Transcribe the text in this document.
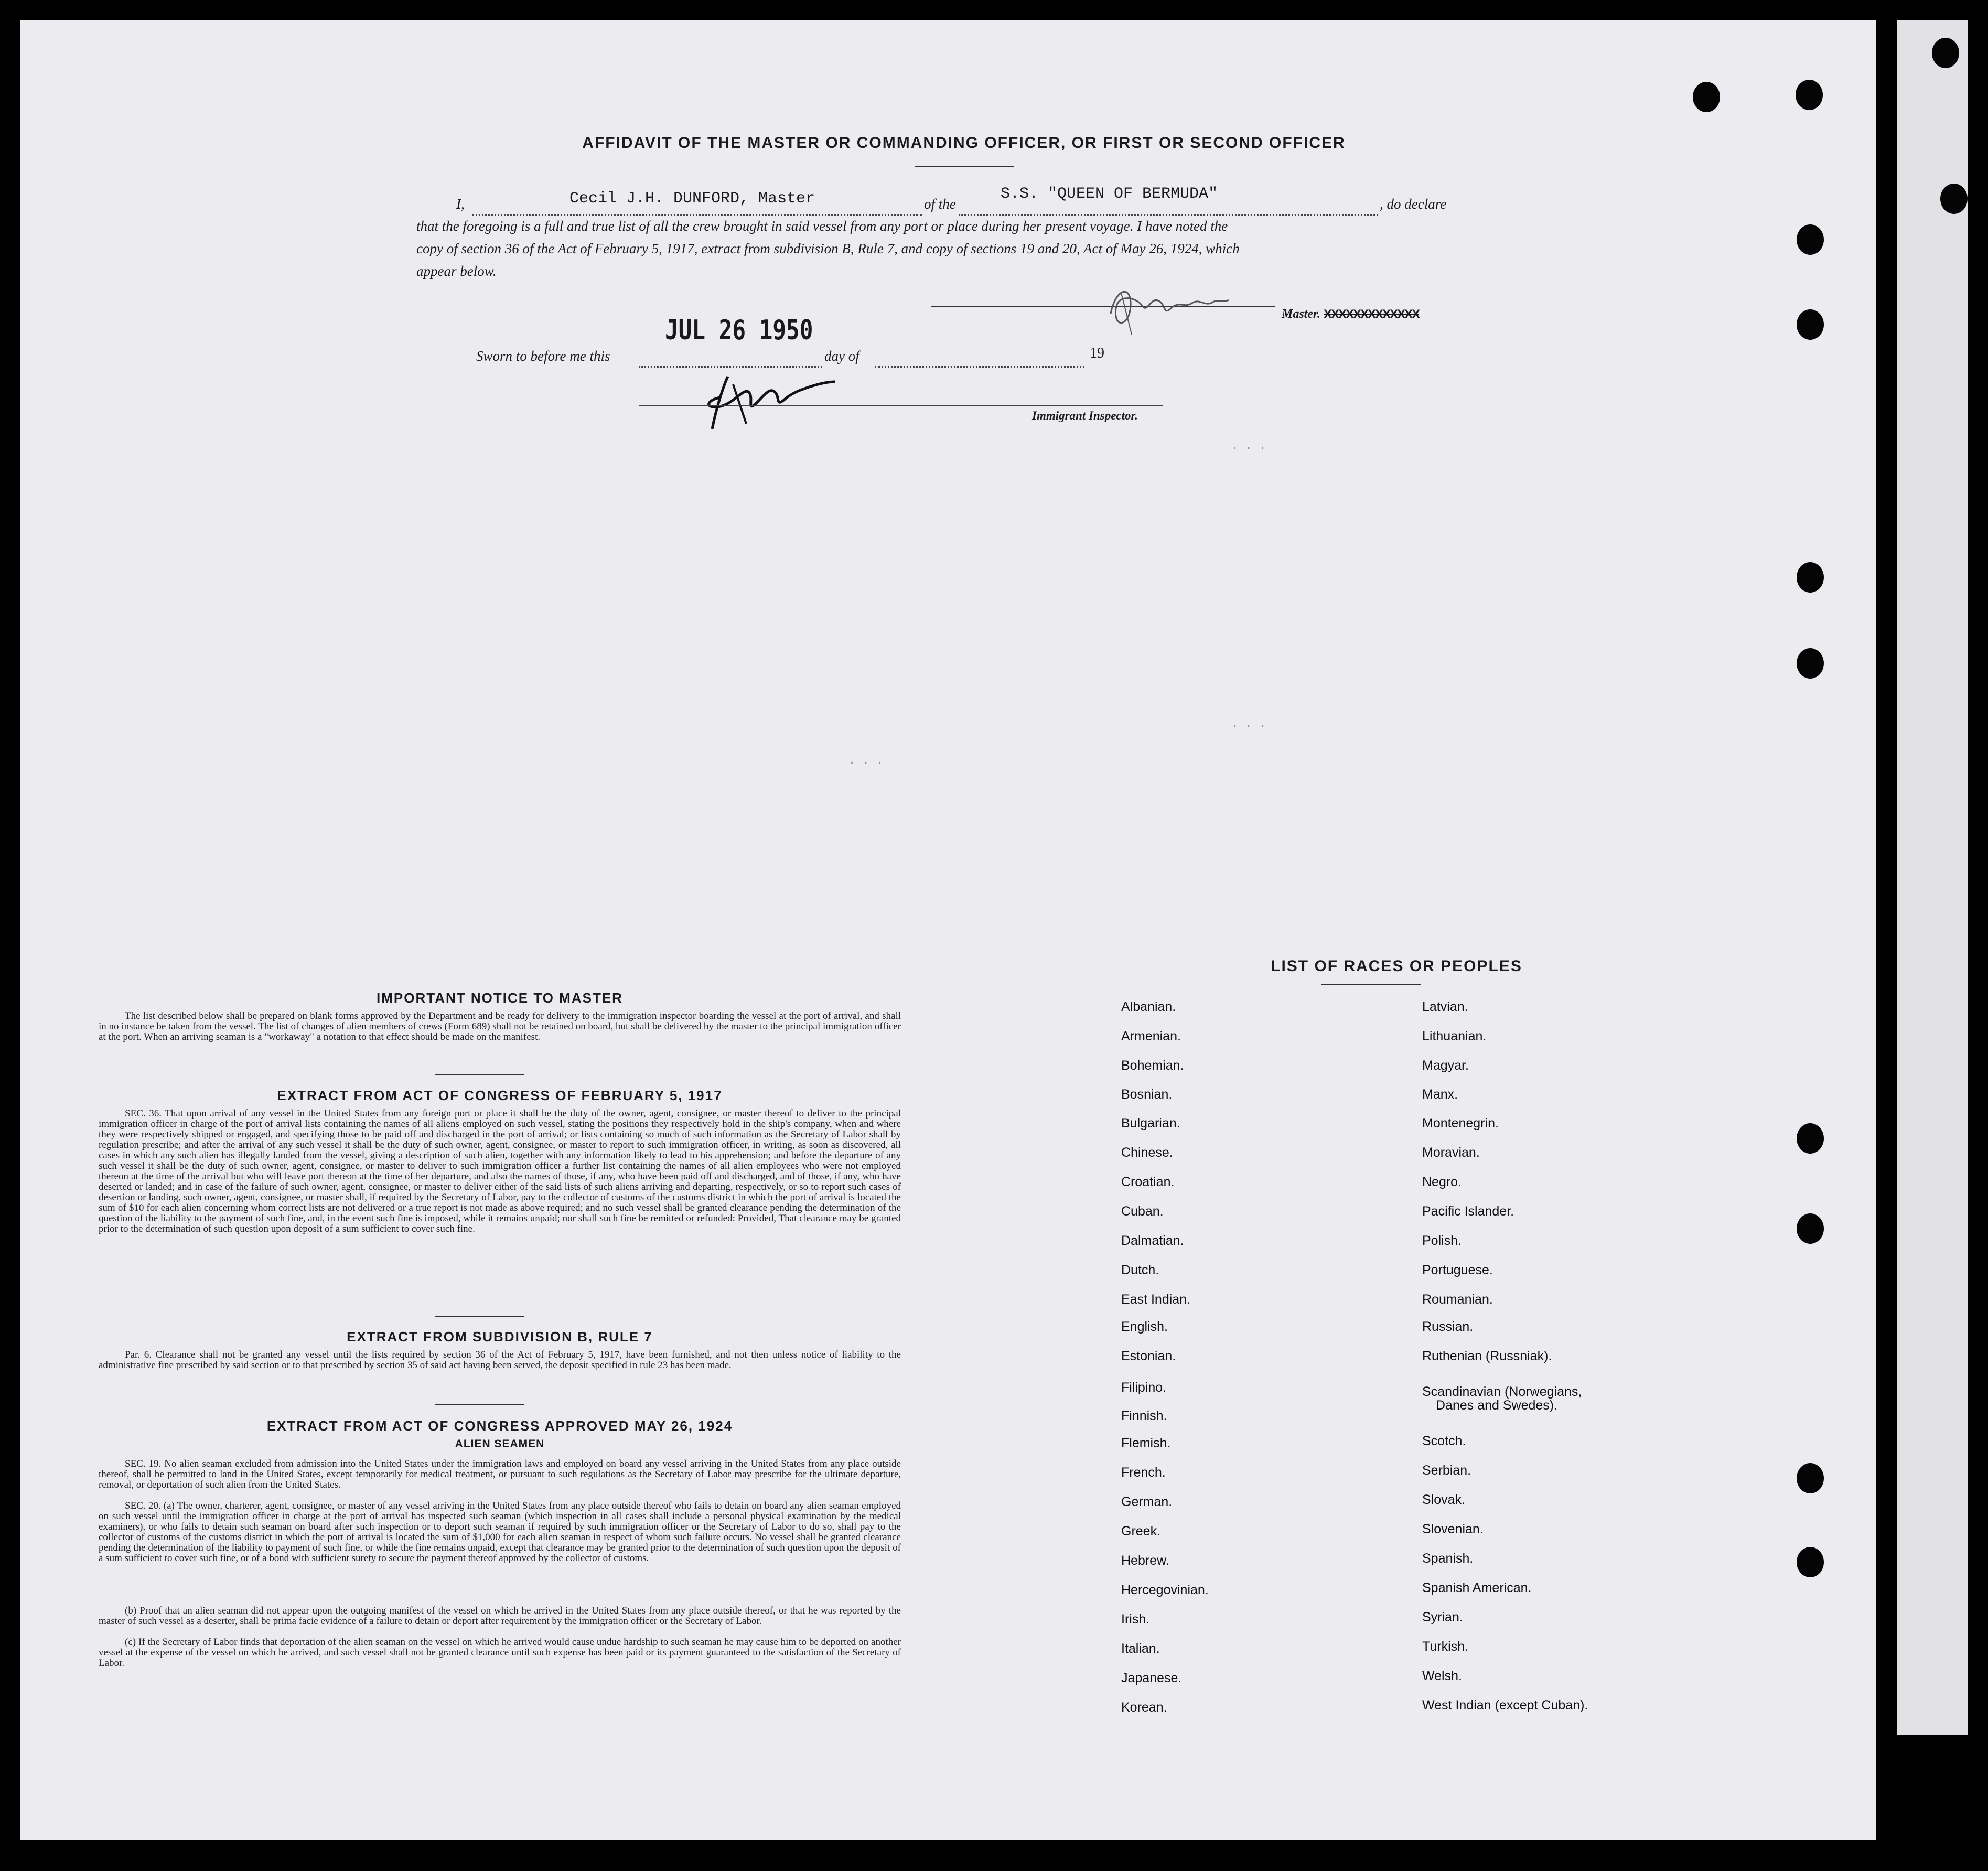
AFFIDAVIT OF THE MASTER OR COMMANDING OFFICER, OR FIRST OR SECOND OFFICER
I,	Cecil J.H. DUNFORD, Master	of the
S.S. "QUEEN OF BERMUDA"
, do declare
that the foregoing is a full and true list of all the crew brought in said vessel from any port or place during her present voyage. I have noted the
copy of section 36 of the Act of February 5, 1917, extract from subdivision B, Rule 7, and copy of sections 19 and 20, Act of May 26, 1924, which
appear below.
Master. XXXXXXXXXXXXX
Sworn to before me this
JUL 26 1950
day of	19
Immigrant Inspector.
. . .
. . .
. . .
IMPORTANT NOTICE TO MASTER
The list described below shall be prepared on blank forms approved by the Department and be ready for delivery to the immigration inspector boarding the vessel at the port of arrival, and shall in no instance be taken from the vessel. The list of changes of alien members of crews (Form 689) shall not be retained on board, but shall be delivered by the master to the principal immigration officer at the port. When an arriving seaman is a "workaway" a notation to that effect should be made on the manifest.
EXTRACT FROM ACT OF CONGRESS OF FEBRUARY 5, 1917
SEC. 36. That upon arrival of any vessel in the United States from any foreign port or place it shall be the duty of the owner, agent, consignee, or master thereof to deliver to the principal immigration officer in charge of the port of arrival lists containing the names of all aliens employed on such vessel, stating the positions they respectively hold in the ship's company, when and where they were respectively shipped or engaged, and specifying those to be paid off and discharged in the port of arrival; or lists containing so much of such information as the Secretary of Labor shall by regulation prescribe; and after the arrival of any such vessel it shall be the duty of such owner, agent, consignee, or master to report to such immigration officer, in writing, as soon as discovered, all cases in which any such alien has illegally landed from the vessel, giving a description of such alien, together with any information likely to lead to his apprehension; and before the departure of any such vessel it shall be the duty of such owner, agent, consignee, or master to deliver to such immigration officer a further list containing the names of all alien employees who were not employed thereon at the time of the arrival but who will leave port thereon at the time of her departure, and also the names of those, if any, who have been paid off and discharged, and of those, if any, who have deserted or landed; and in case of the failure of such owner, agent, consignee, or master to deliver either of the said lists of such aliens arriving and departing, respectively, or so to report such cases of desertion or landing, such owner, agent, consignee, or master shall, if required by the Secretary of Labor, pay to the collector of customs of the customs district in which the port of arrival is located the sum of $10 for each alien concerning whom correct lists are not delivered or a true report is not made as above required; and no such vessel shall be granted clearance pending the determination of the question of the liability to the payment of such fine, and, in the event such fine is imposed, while it remains unpaid; nor shall such fine be remitted or refunded: Provided, That clearance may be granted prior to the determination of such question upon deposit of a sum sufficient to cover such fine.
EXTRACT FROM SUBDIVISION B, RULE 7
Par. 6. Clearance shall not be granted any vessel until the lists required by section 36 of the Act of February 5, 1917, have been furnished, and not then unless notice of liability to the administrative fine prescribed by said section or to that prescribed by section 35 of said act having been served, the deposit specified in rule 23 has been made.
EXTRACT FROM ACT OF CONGRESS APPROVED MAY 26, 1924
ALIEN SEAMEN
SEC. 19. No alien seaman excluded from admission into the United States under the immigration laws and employed on board any vessel arriving in the United States from any place outside thereof, shall be permitted to land in the United States, except temporarily for medical treatment, or pursuant to such regulations as the Secretary of Labor may prescribe for the ultimate departure, removal, or deportation of such alien from the United States.
SEC. 20. (a) The owner, charterer, agent, consignee, or master of any vessel arriving in the United States from any place outside thereof who fails to detain on board any alien seaman employed on such vessel until the immigration officer in charge at the port of arrival has inspected such seaman (which inspection in all cases shall include a personal physical examination by the medical examiners), or who fails to detain such seaman on board after such inspection or to deport such seaman if required by such immigration officer or the Secretary of Labor to do so, shall pay to the collector of customs of the customs district in which the port of arrival is located the sum of $1,000 for each alien seaman in respect of whom such failure occurs. No vessel shall be granted clearance pending the determination of the liability to payment of such fine, or while the fine remains unpaid, except that clearance may be granted prior to the determination of such question upon the deposit of a sum sufficient to cover such fine, or of a bond with sufficient surety to secure the payment thereof approved by the collector of customs.
(b) Proof that an alien seaman did not appear upon the outgoing manifest of the vessel on which he arrived in the United States from any place outside thereof, or that he was reported by the master of such vessel as a deserter, shall be prima facie evidence of a failure to detain or deport after requirement by the immigration officer or the Secretary of Labor.
(c) If the Secretary of Labor finds that deportation of the alien seaman on the vessel on which he arrived would cause undue hardship to such seaman he may cause him to be deported on another vessel at the expense of the vessel on which he arrived, and such vessel shall not be granted clearance until such expense has been paid or its payment guaranteed to the satisfaction of the Secretary of Labor.
LIST OF RACES OR PEOPLES
Albanian.
Armenian.
Bohemian.
Bosnian.
Bulgarian.
Chinese.
Croatian.
Cuban.
Dalmatian.
Dutch.
East Indian.
English.
Estonian.
Filipino.
Finnish.
Flemish.
French.
German.
Greek.
Hebrew.
Hercegovinian.
Irish.
Italian.
Japanese.
Korean.
Latvian.
Lithuanian.
Magyar.
Manx.
Montenegrin.
Moravian.
Negro.
Pacific Islander.
Polish.
Portuguese.
Roumanian.
Russian.
Ruthenian (Russniak).
Scandinavian (Norwegians,
Danes and Swedes).
Scotch.
Serbian.
Slovak.
Slovenian.
Spanish.
Spanish American.
Syrian.
Turkish.
Welsh.
West Indian (except Cuban).
